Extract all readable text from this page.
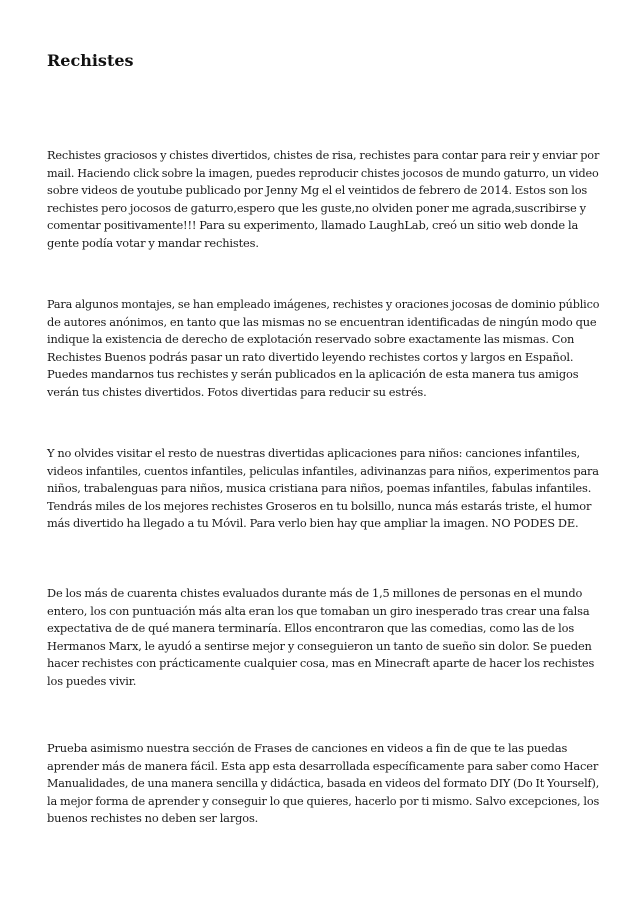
Rechistes

Rechistes graciosos y chistes divertidos, chistes de risa, rechistes para contar para reir y enviar por
mail. Haciendo click sobre la imagen, puedes reproducir chistes jocosos de mundo gaturro, un video
sobre videos de youtube publicado por Jenny Mg el el veintidos de febrero de 2014. Estos son los
rechistes pero jocosos de gaturro,espero que les guste,no olviden poner me agrada,suscribirse y
comentar positivamente!!! Para su experimento, llamado LaughLab, creó un sitio web donde la
gente podía votar y mandar rechistes.

Para algunos montajes, se han empleado imágenes, rechistes y oraciones jocosas de dominio público
de autores anónimos, en tanto que las mismas no se encuentran identificadas de ningún modo que
indique la existencia de derecho de explotación reservado sobre exactamente las mismas. Con
Rechistes Buenos podrás pasar un rato divertido leyendo rechistes cortos y largos en Español.
Puedes mandarnos tus rechistes y serán publicados en la aplicación de esta manera tus amigos
verán tus chistes divertidos. Fotos divertidas para reducir su estrés.

Y no olvides visitar el resto de nuestras divertidas aplicaciones para niños: canciones infantiles,
videos infantiles, cuentos infantiles, peliculas infantiles, adivinanzas para niños, experimentos para
niños, trabalenguas para niños, musica cristiana para niños, poemas infantiles, fabulas infantiles.
Tendrás miles de los mejores rechistes Groseros en tu bolsillo, nunca más estarás triste, el humor
más divertido ha llegado a tu Móvil. Para verlo bien hay que ampliar la imagen. NO PODES DE.

De los más de cuarenta chistes evaluados durante más de 1,5 millones de personas en el mundo
entero, los con puntuación más alta eran los que tomaban un giro inesperado tras crear una falsa
expectativa de de qué manera terminaría. Ellos encontraron que las comedias, como las de los
Hermanos Marx, le ayudó a sentirse mejor y conseguieron un tanto de sueño sin dolor. Se pueden
hacer rechistes con prácticamente cualquier cosa, mas en Minecraft aparte de hacer los rechistes
los puedes vivir.

Prueba asimismo nuestra sección de Frases de canciones en videos a fin de que te las puedas
aprender más de manera fácil. Esta app esta desarrollada específicamente para saber como Hacer
Manualidades, de una manera sencilla y didáctica, basada en videos del formato DIY (Do It Yourself),
la mejor forma de aprender y conseguir lo que quieres, hacerlo por ti mismo. Salvo excepciones, los
buenos rechistes no deben ser largos.
